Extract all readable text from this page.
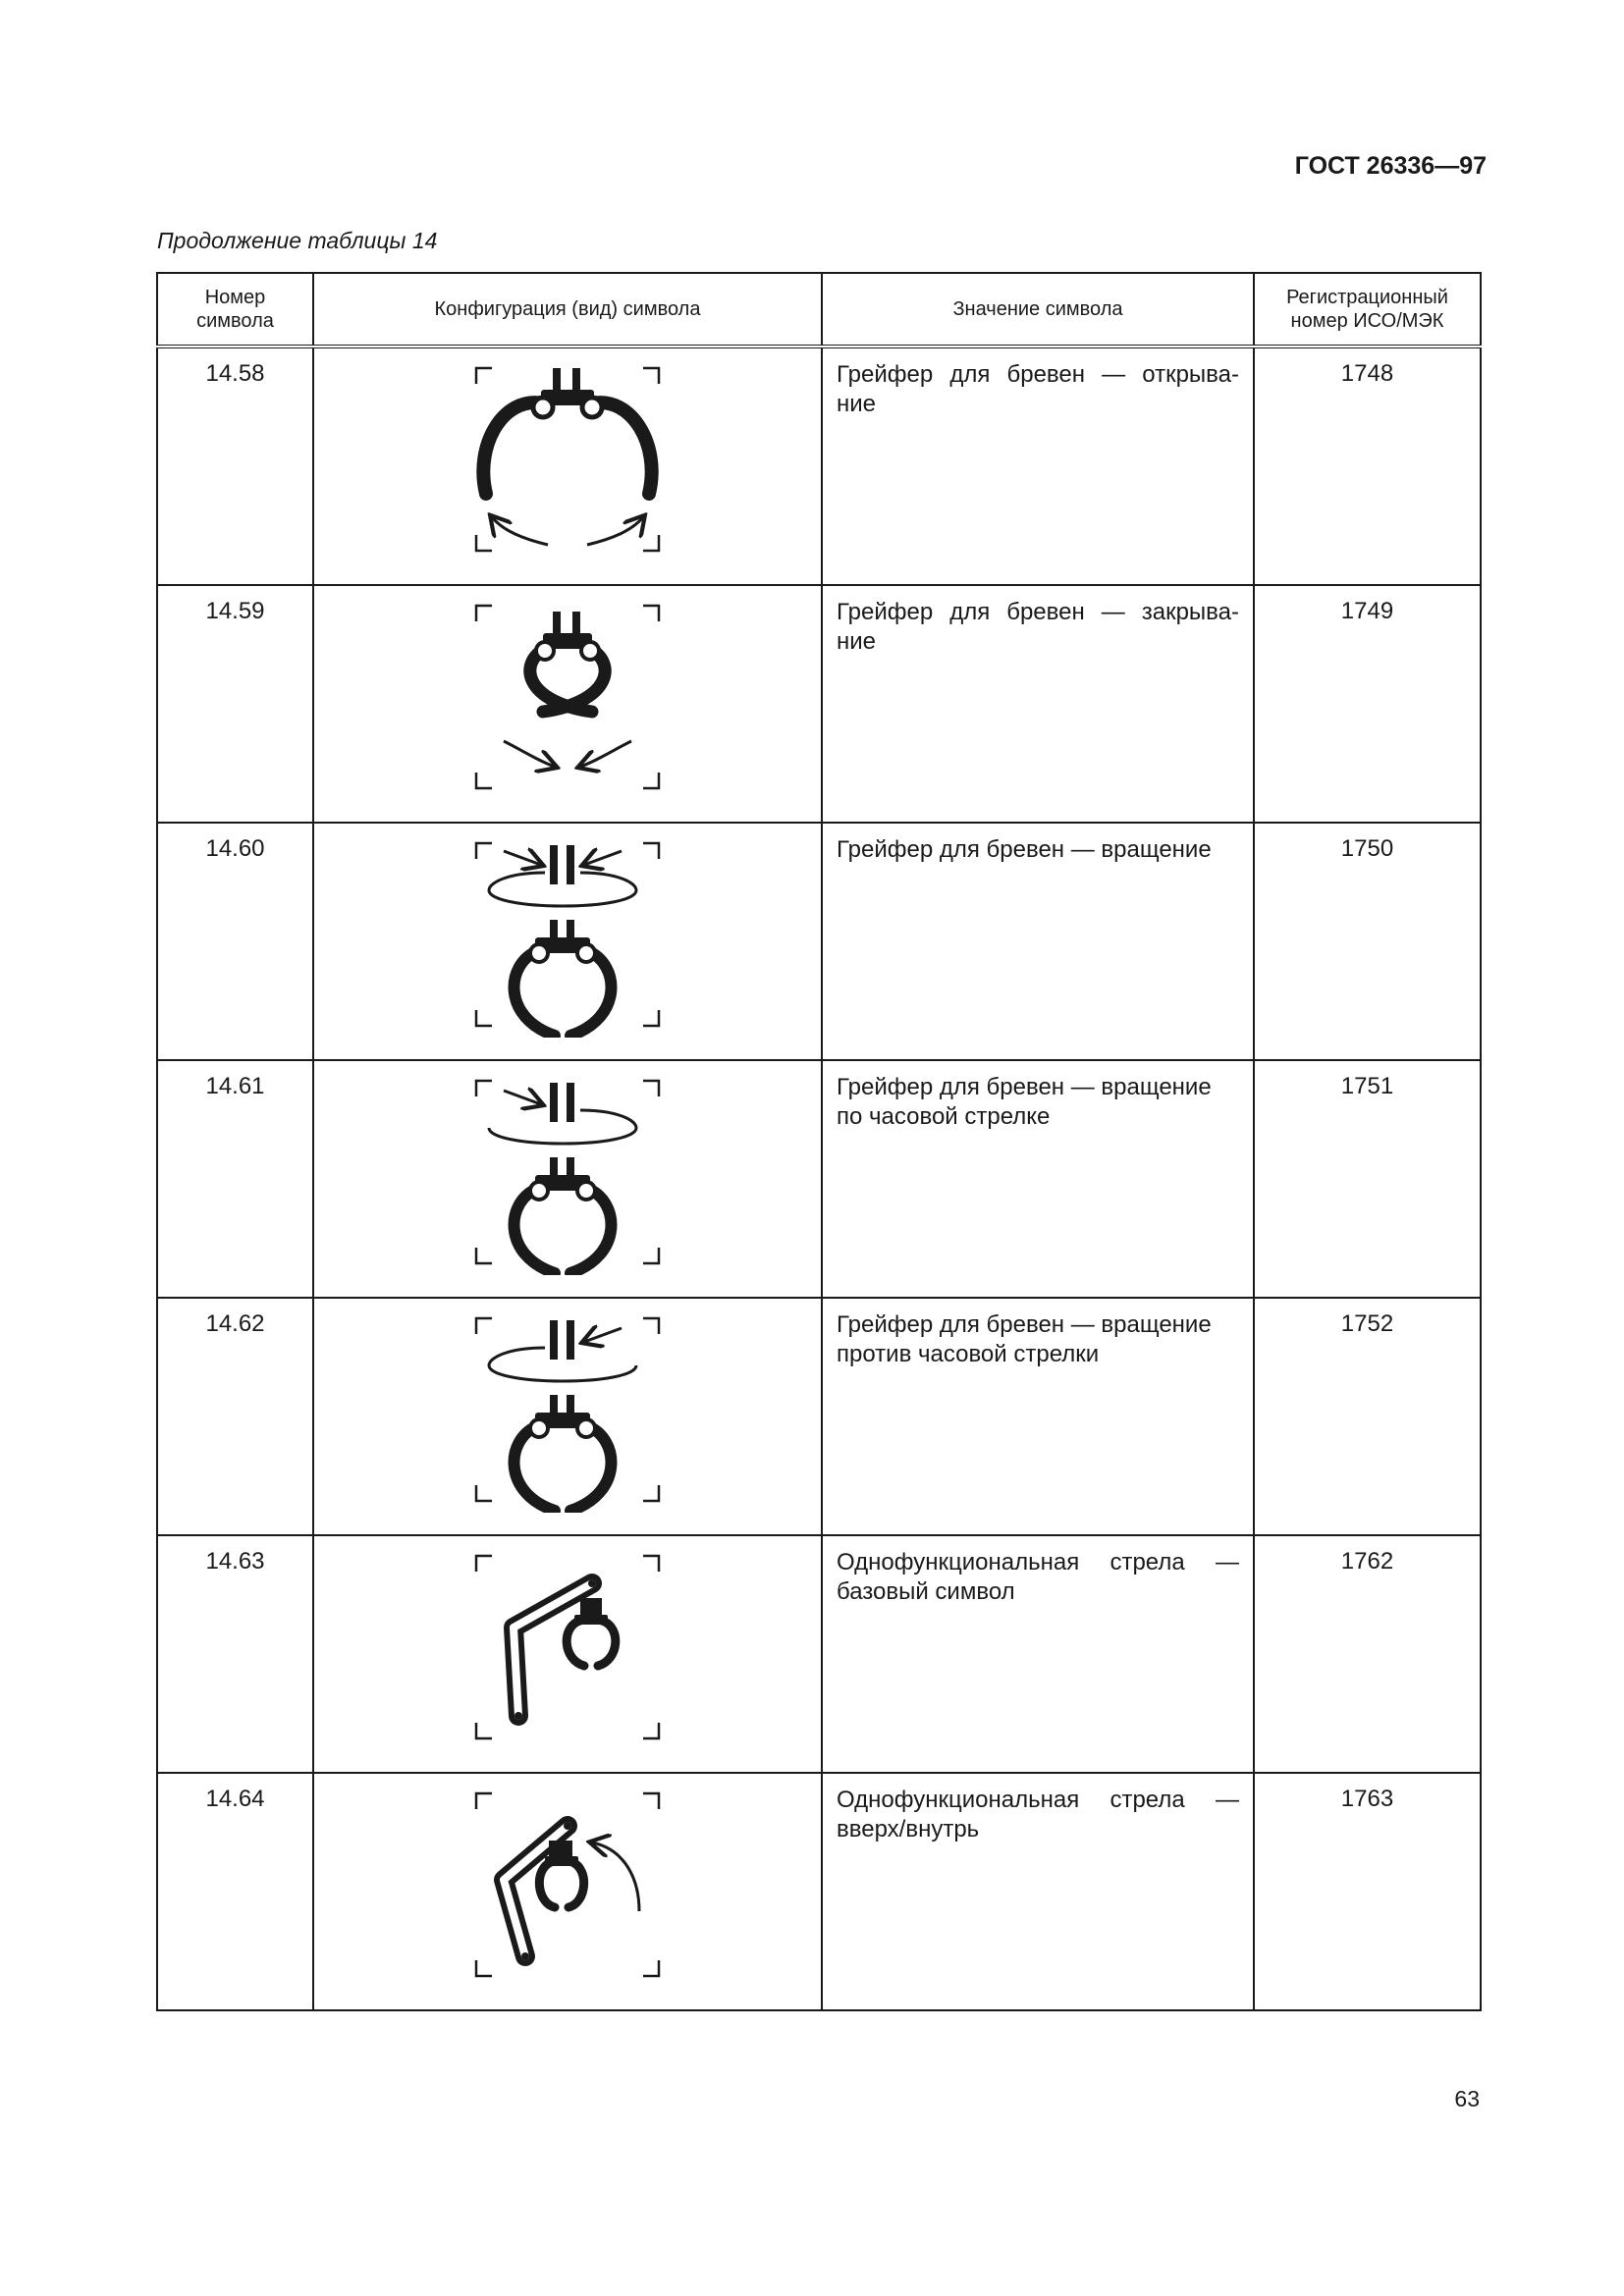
ГОСТ 26336—97
Продолжение таблицы 14
Номер символа	Конфигурация (вид) символа	Значение символа	Регистрационный номер ИСО/МЭК
14.58		Грейфер для бревен — открыва-
ние	1748
14.59		Грейфер для бревен — закрыва-
ние	1749
14.60		Грейфер для бревен — вращение	1750
14.61		Грейфер для бревен — вращение
по часовой стрелке	1751
14.62		Грейфер для бревен — вращение
против часовой стрелки	1752
14.63		Однофункциональная стрела —
базовый символ	1762
14.64		Однофункциональная стрела —
вверх/внутрь	1763
63
